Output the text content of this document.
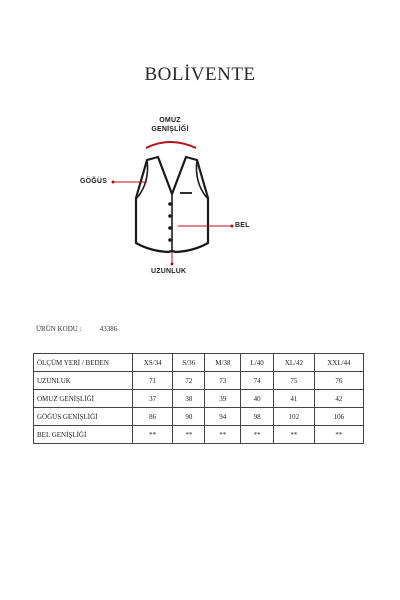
BOLİVENTE
OMUZ
GENİŞLİĞİ
GÖĞÜS
BEL
UZUNLUK
ÜRÜN KODU :	43386
ÖLÇÜM YERİ / BEDEN	XS/34	S/36	M/38	L/40	XL/42	XXL/44
UZUNLUK	71	72	73	74	75	76
OMUZ GENİŞLİĞİ	37	38	39	40	41	42
GÖĞÜS GENİŞLİĞİ	86	90	94	98	102	106
BEL GENİŞLİĞİ	**	**	**	**	**	**
